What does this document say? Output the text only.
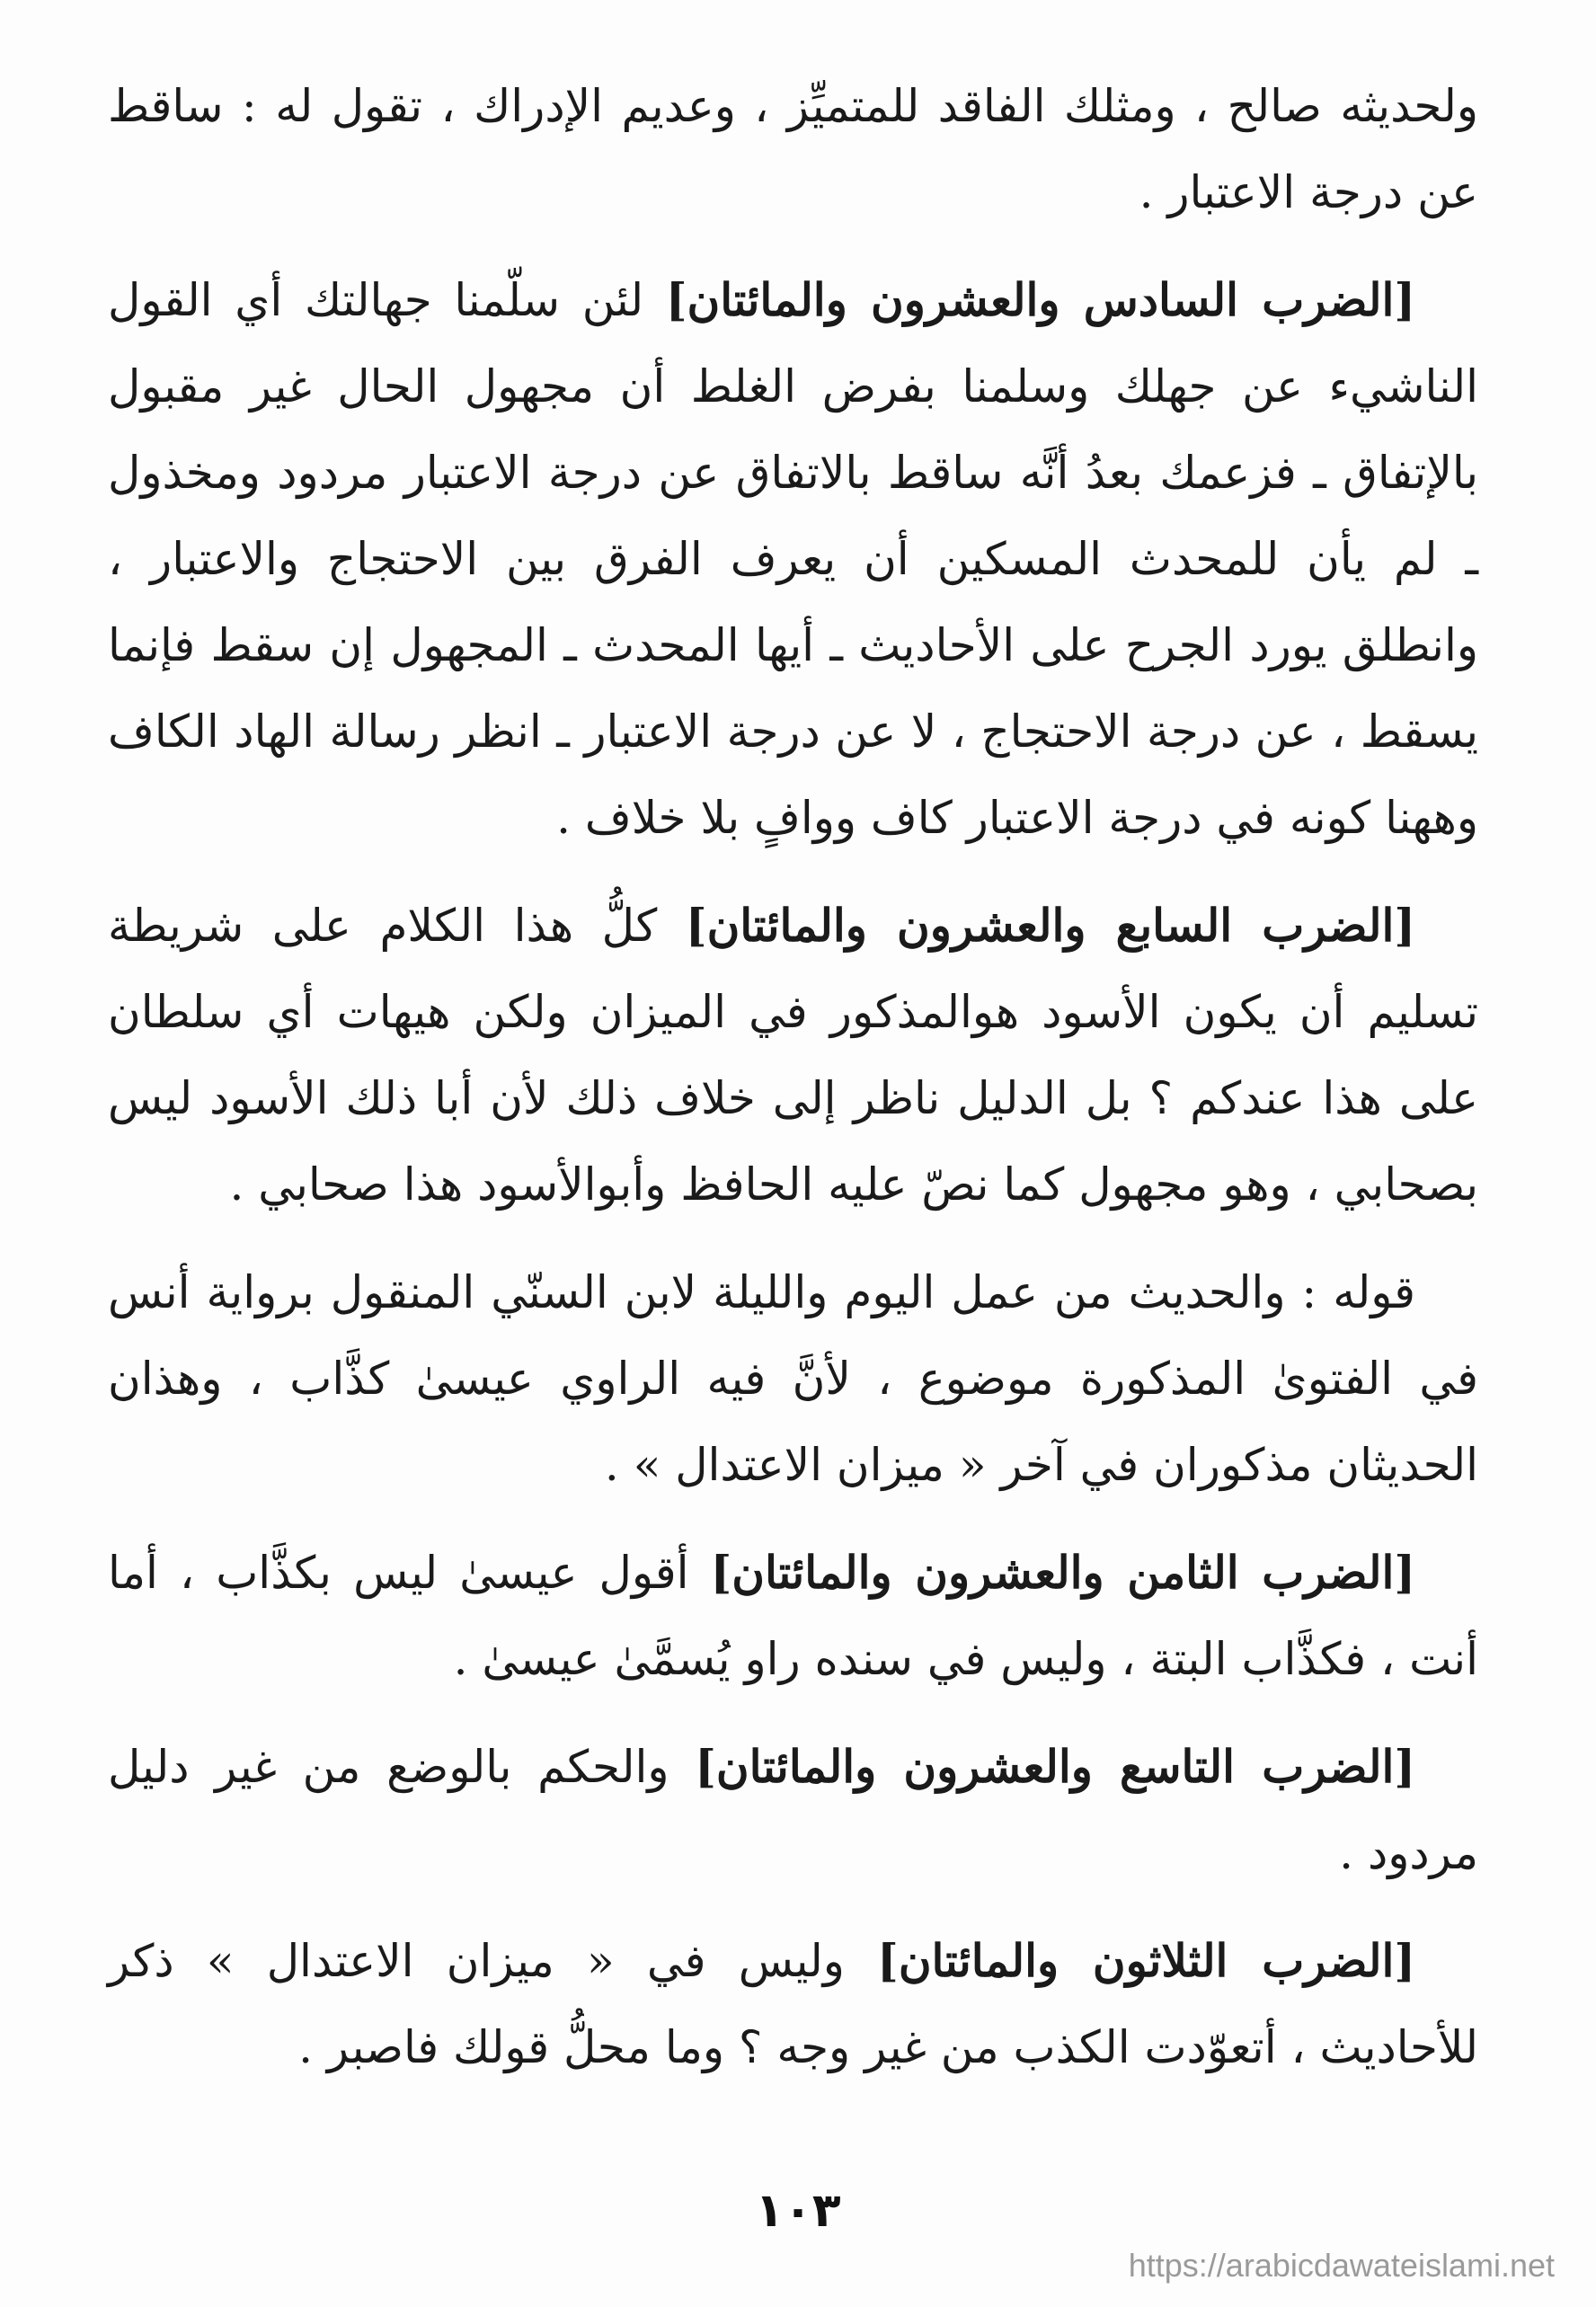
ولحديثه صالح ، ومثلك الفاقد للمتميِّز ، وعديم الإدراك ، تقول له : ساقط عن درجة الاعتبار .

[الضرب السادس والعشرون والمائتان] لئن سلّمنا جهالتك أي القول الناشيء عن جهلك وسلمنا بفرض الغلط أن مجهول الحال غير مقبول بالإتفاق ـ فزعمك بعدُ أنَّه ساقط بالاتفاق عن درجة الاعتبار مردود ومخذول ـ لم يأن للمحدث المسكين أن يعرف الفرق بين الاحتجاج والاعتبار ، وانطلق يورد الجرح على الأحاديث ـ أيها المحدث ـ المجهول إن سقط فإنما يسقط ، عن درجة الاحتجاج ، لا عن درجة الاعتبار ـ انظر رسالة الهاد الكاف وههنا كونه في درجة الاعتبار كاف ووافٍ بلا خلاف .

[الضرب السابع والعشرون والمائتان] كلُّ هذا الكلام على شريطة تسليم أن يكون الأسود هوالمذكور في الميزان ولكن هيهات أي سلطان على هذا عندكم ؟ بل الدليل ناظر إلى خلاف ذلك لأن أبا ذلك الأسود ليس بصحابي ، وهو مجهول كما نصّ عليه الحافظ وأبوالأسود هذا صحابي .

قوله : والحديث من عمل اليوم والليلة لابن السنّي المنقول برواية أنس في الفتوىٰ المذكورة موضوع ، لأنَّ فيه الراوي عيسىٰ كذَّاب ، وهذان الحديثان مذكوران في آخر « ميزان الاعتدال » .

[الضرب الثامن والعشرون والمائتان] أقول عيسىٰ ليس بكذَّاب ، أما أنت ، فكذَّاب البتة ، وليس في سنده راو يُسمَّىٰ عيسىٰ .

[الضرب التاسع والعشرون والمائتان] والحكم بالوضع من غير دليل مردود .

[الضرب الثلاثون والمائتان] وليس في « ميزان الاعتدال » ذكر للأحاديث ، أتعوّدت الكذب من غير وجه ؟ وما محلُّ قولك فاصبر .

١٠٣
https://arabicdawateislami.net
